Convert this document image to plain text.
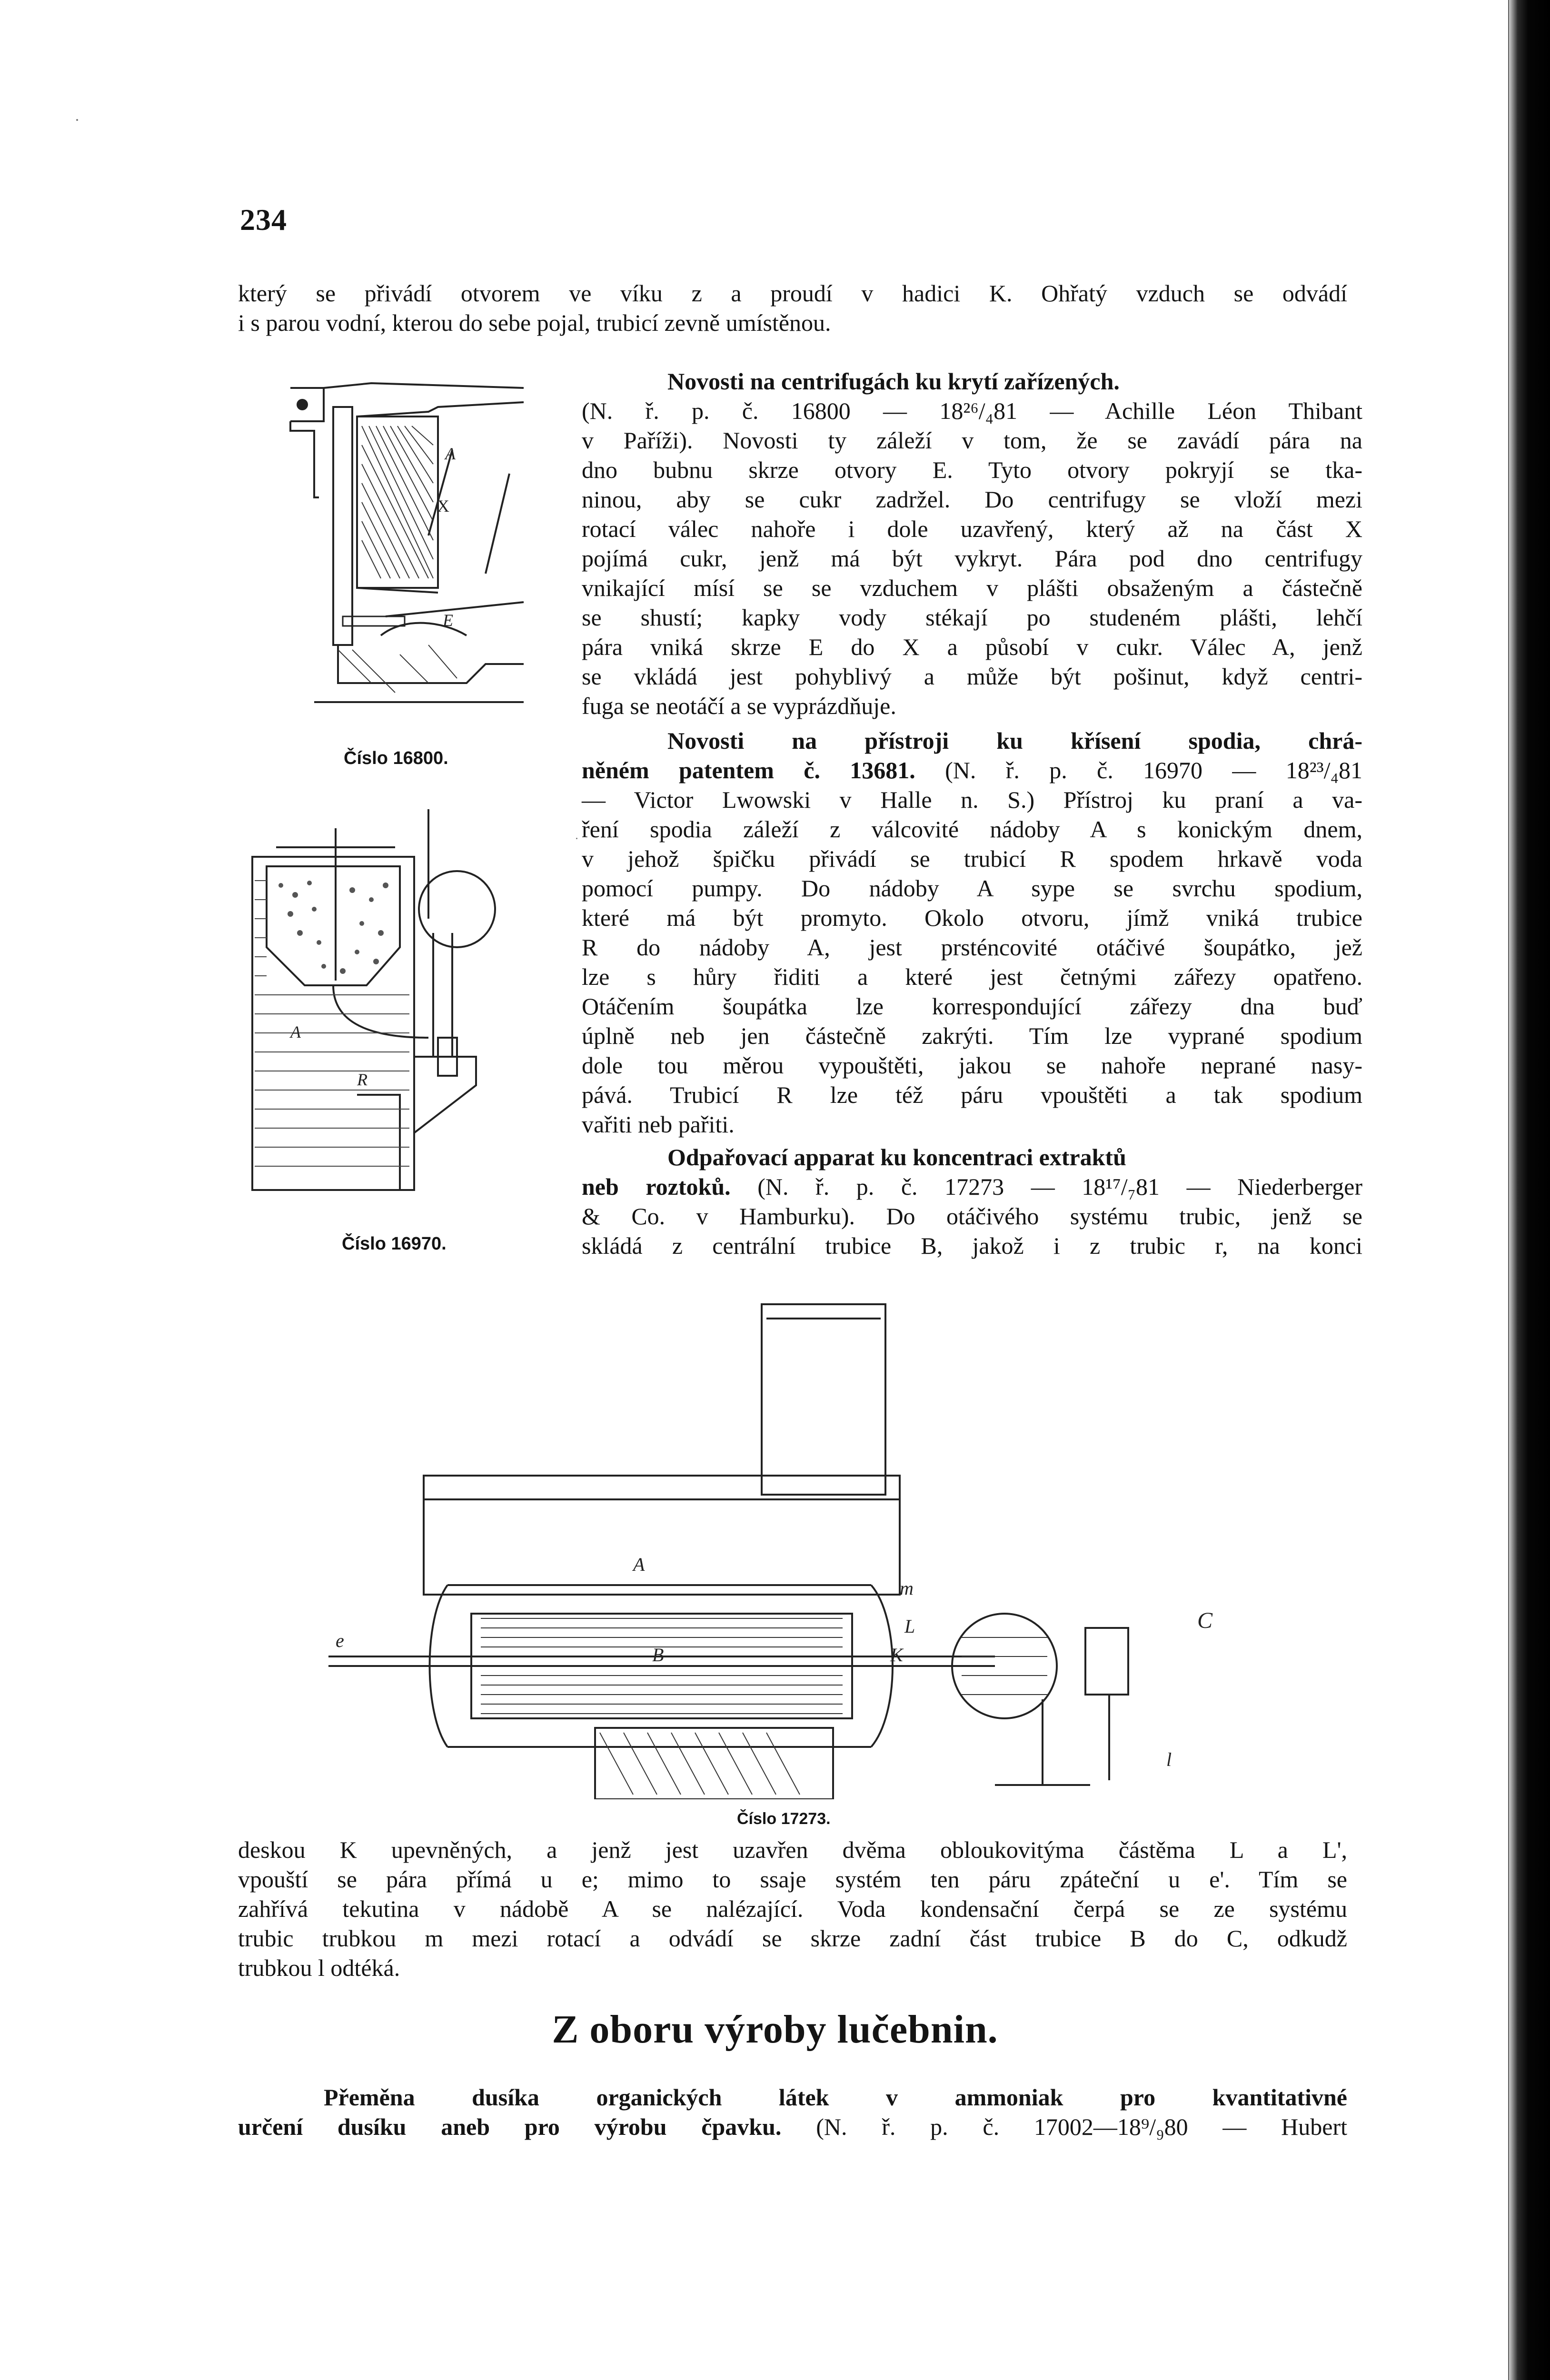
234
který se přivádí otvorem ve víku z a proudí v hadici K. Ohřatý vzduch se odvádí
i s parou vodní, kterou do sebe pojal, trubicí zevně umístěnou.
Novosti na centrifugách ku krytí zařízených.
(N. ř. p. č. 16800 — 18²⁶/₄81 — Achille Léon Thibant
v Paříži). Novosti ty záleží v tom, že se zavádí pára na
dno bubnu skrze otvory E. Tyto otvory pokryjí se tka-
ninou, aby se cukr zadržel. Do centrifugy se vloží mezi
rotací válec nahoře i dole uzavřený, který až na část X
pojímá cukr, jenž má být vykryt. Pára pod dno centrifugy
vnikající mísí se se vzduchem v plášti obsaženým a částečně
se shustí; kapky vody stékají po studeném plášti, lehčí
pára vniká skrze E do X a působí v cukr. Válec A, jenž
se vkládá jest pohyblivý a může být pošinut, když centri-
fuga se neotáčí a se vyprázdňuje.
Novosti na přístroji ku křísení spodia, chrá-
něném patentem č. 13681. (N. ř. p. č. 16970 — 18²³/₄81
— Victor Lwowski v Halle n. S.) Přístroj ku praní a va-
ření spodia záleží z válcovité nádoby A s konickým dnem,
v jehož špičku přivádí se trubicí R spodem hrkavě voda
pomocí pumpy. Do nádoby A sype se svrchu spodium,
které má být promyto. Okolo otvoru, jímž vniká trubice
R do nádoby A, jest prsténcovité otáčivé šoupátko, jež
lze s hůry řiditi a které jest četnými zářezy opatřeno.
Otáčením šoupátka lze korrespondující zářezy dna buď
úplně neb jen částečně zakrýti. Tím lze vyprané spodium
dole tou měrou vypouštěti, jakou se nahoře neprané nasy-
pává. Trubicí R lze též páru vpouštěti a tak spodium
vařiti neb pařiti.
Odpařovací apparat ku koncentraci extraktů
neb roztoků. (N. ř. p. č. 17273 — 18¹⁷/₇81 — Niederberger
& Co. v Hamburku). Do otáčivého systému trubic, jenž se
skládá z centrální trubice B, jakož i z trubic r, na konci
A
X
E
Číslo 16800.
A
R
Číslo 16970.
A
B	K
L
m
C
e
l
Číslo 17273.
deskou K upevněných, a jenž jest uzavřen dvěma obloukovitýma částěma L a L',
vpouští se pára přímá u e; mimo to ssaje systém ten páru zpáteční u e'. Tím se
zahřívá tekutina v nádobě A se nalézající. Voda kondensační čerpá se ze systému
trubic trubkou m mezi rotací a odvádí se skrze zadní část trubice B do C, odkudž
trubkou l odtéká.
Z oboru výroby lučebnin.
Přeměna dusíka organických látek v ammoniak pro kvantitativné
určení dusíku aneb pro výrobu čpavku. (N. ř. p. č. 17002—18⁹/₉80 — Hubert
